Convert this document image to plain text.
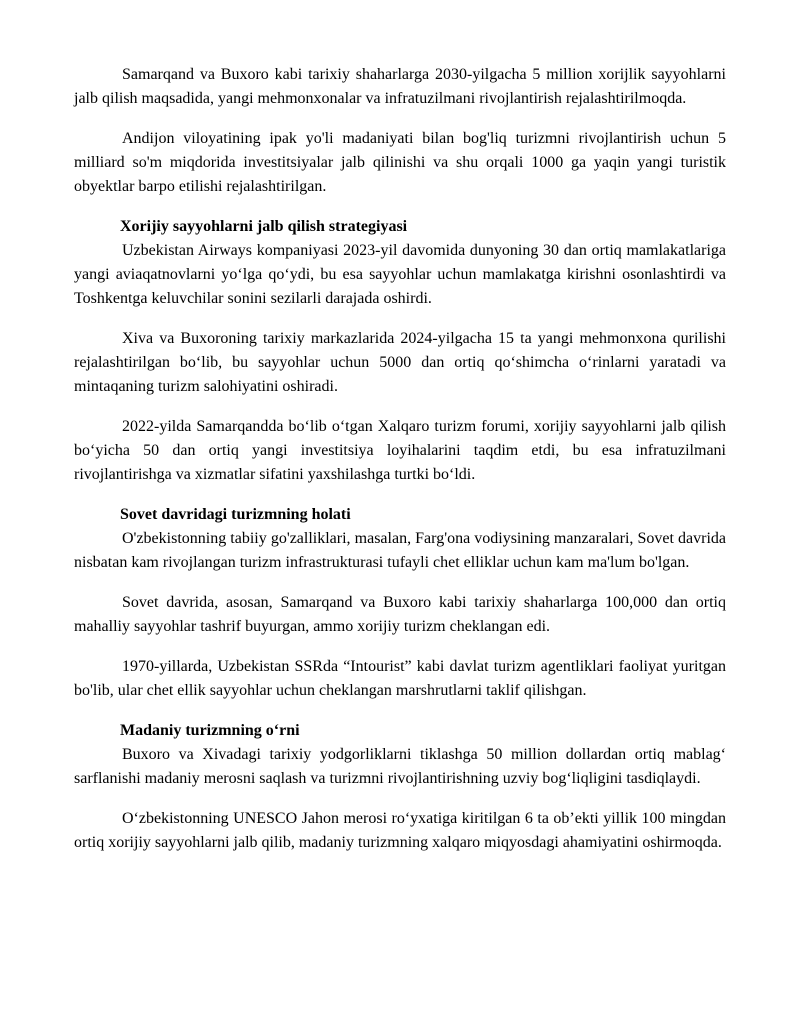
Samarqand va Buxoro kabi tarixiy shaharlarga 2030-yilgacha 5 million xorijlik sayyohlarni jalb qilish maqsadida, yangi mehmonxonalar va infratuzilmani rivojlantirish rejalashtirilmoqda.

Andijon viloyatining ipak yo'li madaniyati bilan bog'liq turizmni rivojlantirish uchun 5 milliard so'm miqdorida investitsiyalar jalb qilinishi va shu orqali 1000 ga yaqin yangi turistik obyektlar barpo etilishi rejalashtirilgan.

Xorijiy sayyohlarni jalb qilish strategiyasi

Uzbekistan Airways kompaniyasi 2023-yil davomida dunyoning 30 dan ortiq mamlakatlariga yangi aviaqatnovlarni yo‘lga qo‘ydi, bu esa sayyohlar uchun mamlakatga kirishni osonlashtirdi va Toshkentga keluvchilar sonini sezilarli darajada oshirdi.

Xiva va Buxoroning tarixiy markazlarida 2024-yilgacha 15 ta yangi mehmonxona qurilishi rejalashtirilgan bo‘lib, bu sayyohlar uchun 5000 dan ortiq qo‘shimcha o‘rinlarni yaratadi va mintaqaning turizm salohiyatini oshiradi.

2022-yilda Samarqandda bo‘lib o‘tgan Xalqaro turizm forumi, xorijiy sayyohlarni jalb qilish bo‘yicha 50 dan ortiq yangi investitsiya loyihalarini taqdim etdi, bu esa infratuzilmani rivojlantirishga va xizmatlar sifatini yaxshilashga turtki bo‘ldi.

Sovet davridagi turizmning holati

O'zbekistonning tabiiy go'zalliklari, masalan, Farg'ona vodiysining manzaralari, Sovet davrida nisbatan kam rivojlangan turizm infrastrukturasi tufayli chet elliklar uchun kam ma'lum bo'lgan.

Sovet davrida, asosan, Samarqand va Buxoro kabi tarixiy shaharlarga 100,000 dan ortiq mahalliy sayyohlar tashrif buyurgan, ammo xorijiy turizm cheklangan edi.

1970-yillarda, Uzbekistan SSRda “Intourist” kabi davlat turizm agentliklari faoliyat yuritgan bo'lib, ular chet ellik sayyohlar uchun cheklangan marshrutlarni taklif qilishgan.

Madaniy turizmning o‘rni

Buxoro va Xivadagi tarixiy yodgorliklarni tiklashga 50 million dollardan ortiq mablag‘ sarflanishi madaniy merosni saqlash va turizmni rivojlantirishning uzviy bog‘liqligini tasdiqlaydi.

O‘zbekistonning UNESCO Jahon merosi ro‘yxatiga kiritilgan 6 ta ob’ekti yillik 100 mingdan ortiq xorijiy sayyohlarni jalb qilib, madaniy turizmning xalqaro miqyosdagi ahamiyatini oshirmoqda.
